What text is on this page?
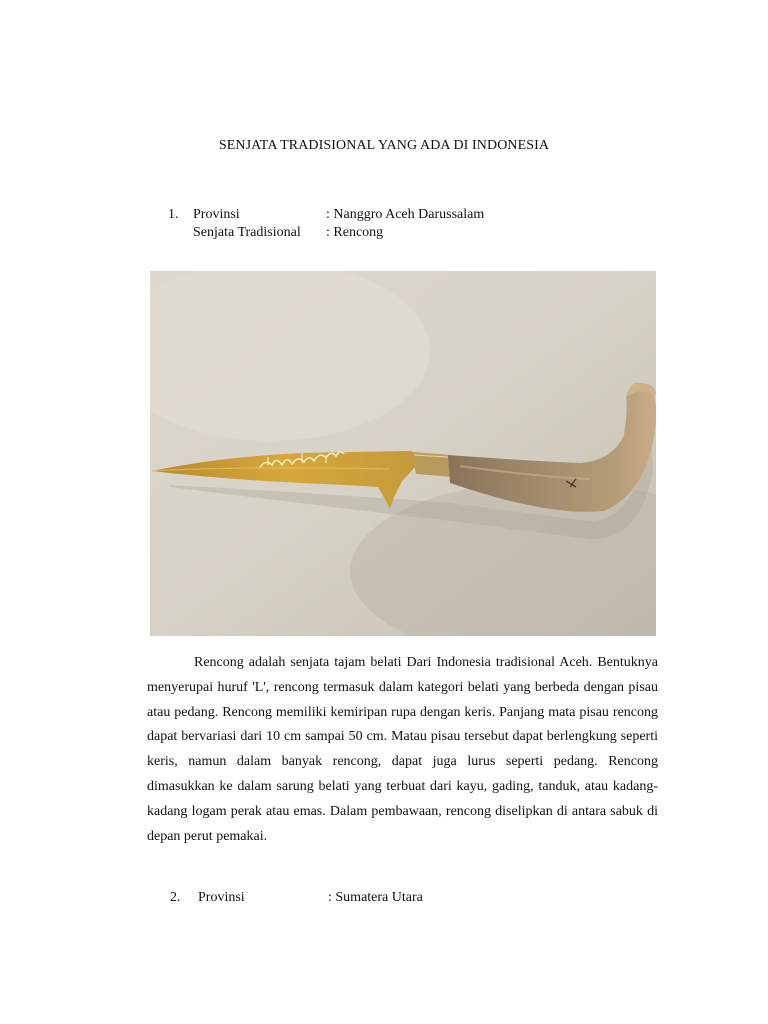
SENJATA TRADISIONAL YANG ADA DI INDONESIA
1.	Provinsi	: Nanggro Aceh Darussalam
Senjata Tradisional	: Rencong

Rencong adalah senjata tajam belati Dari Indonesia tradisional Aceh. Bentuknya menyerupai huruf 'L', rencong termasuk dalam kategori belati yang berbeda dengan pisau atau pedang. Rencong memiliki kemiripan rupa dengan keris. Panjang mata pisau rencong dapat bervariasi dari 10 cm sampai 50 cm. Matau pisau tersebut dapat berlengkung seperti keris, namun dalam banyak rencong, dapat juga lurus seperti pedang. Rencong dimasukkan ke dalam sarung belati yang terbuat dari kayu, gading, tanduk, atau kadang-kadang logam perak atau emas. Dalam pembawaan, rencong diselipkan di antara sabuk di depan perut pemakai.

2.	Provinsi	: Sumatera Utara
